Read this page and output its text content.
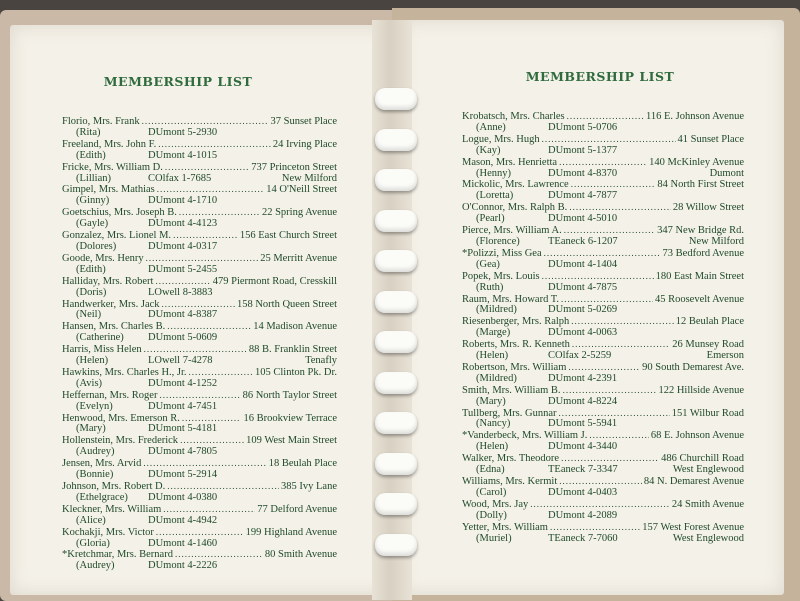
MEMBERSHIP LIST
Florio, Mrs. Frank .....	37 Sunset Place
(Rita)	DUmont 5-2930
Freeland, Mrs. John F. .....	24 Irving Place
(Edith)	DUmont 4-1015
Fricke, Mrs. William D. .....	737 Princeton Street
(Lillian)	COlfax 1-7685	New Milford
Gimpel, Mrs. Mathias .....	14 O'Neill Street
(Ginny)	DUmont 4-1710
Goetschius, Mrs. Joseph B. .....	22 Spring Avenue
(Gayle)	DUmont 4-4123
Gonzalez, Mrs. Lionel M. .....	156 East Church Street
(Dolores)	DUmont 4-0317
Goode, Mrs. Henry .....	25 Merritt Avenue
(Edith)	DUmont 5-2455
Halliday, Mrs. Robert .....	479 Piermont Road, Cresskill
(Doris)	LOwell 8-3883
Handwerker, Mrs. Jack .....	158 North Queen Street
(Neil)	DUmont 4-8387
Hansen, Mrs. Charles B. .....	14 Madison Avenue
(Catherine)	DUmont 5-0609
Harris, Miss Helen .....	88 B. Franklin Street
(Helen)	LOwell 7-4278	Tenafly
Hawkins, Mrs. Charles H., Jr. .....	105 Clinton Pk. Dr.
(Avis)	DUmont 4-1252
Heffernan, Mrs. Roger .....	86 North Taylor Street
(Evelyn)	DUmont 4-7451
Henwood, Mrs. Emerson R. .....	16 Brookview Terrace
(Mary)	DUmont 5-4181
Hollenstein, Mrs. Frederick .....	109 West Main Street
(Audrey)	DUmont 4-7805
Jensen, Mrs. Arvid .....	18 Beulah Place
(Bonnie)	DUmont 5-2914
Johnson, Mrs. Robert D. .....	385 Ivy Lane
(Ethelgrace)	DUmont 4-0380
Kleckner, Mrs. William .....	77 Delford Avenue
(Alice)	DUmont 4-4942
Kochakji, Mrs. Victor .....	199 Highland Avenue
(Gloria)	DUmont 4-1460
*Kretchmar, Mrs. Bernard .....	80 Smith Avenue
(Audrey)	DUmont 4-2226
MEMBERSHIP LIST
Krobatsch, Mrs. Charles .....	116 E. Johnson Avenue
(Anne)	DUmont 5-0706
Logue, Mrs. Hugh .....	41 Sunset Place
(Kay)	DUmont 5-1377
Mason, Mrs. Henrietta .....	140 McKinley Avenue
(Henny)	DUmont 4-8370	Dumont
Mickolic, Mrs. Lawrence .....	84 North First Street
(Loretta)	DUmont 4-7877
O'Connor, Mrs. Ralph B. .....	28 Willow Street
(Pearl)	DUmont 4-5010
Pierce, Mrs. William A. .....	347 New Bridge Rd.
(Florence)	TEaneck 6-1207	New Milford
*Polizzi, Miss Gea .....	73 Bedford Avenue
(Gea)	DUmont 4-1404
Popek, Mrs. Louis .....	180 East Main Street
(Ruth)	DUmont 4-7875
Raum, Mrs. Howard T. .....	45 Roosevelt Avenue
(Mildred)	DUmont 5-0269
Riesenberger, Mrs. Ralph .....	12 Beulah Place
(Marge)	DUmont 4-0063
Roberts, Mrs. R. Kenneth .....	26 Munsey Road
(Helen)	COlfax 2-5259	Emerson
Robertson, Mrs. William .....	90 South Demarest Ave.
(Mildred)	DUmont 4-2391
Smith, Mrs. William B. .....	122 Hillside Avenue
(Mary)	DUmont 4-8224
Tullberg, Mrs. Gunnar .....	151 Wilbur Road
(Nancy)	DUmont 5-5941
*Vanderbeck, Mrs. William J. .....	68 E. Johnson Avenue
(Helen)	DUmont 4-3440
Walker, Mrs. Theodore .....	486 Churchill Road
(Edna)	TEaneck 7-3347	West Englewood
Williams, Mrs. Kermit .....	84 N. Demarest Avenue
(Carol)	DUmont 4-0403
Wood, Mrs. Jay .....	24 Smith Avenue
(Dolly)	DUmont 4-2089
Yetter, Mrs. William .....	157 West Forest Avenue
(Muriel)	TEaneck 7-7060	West Englewood
